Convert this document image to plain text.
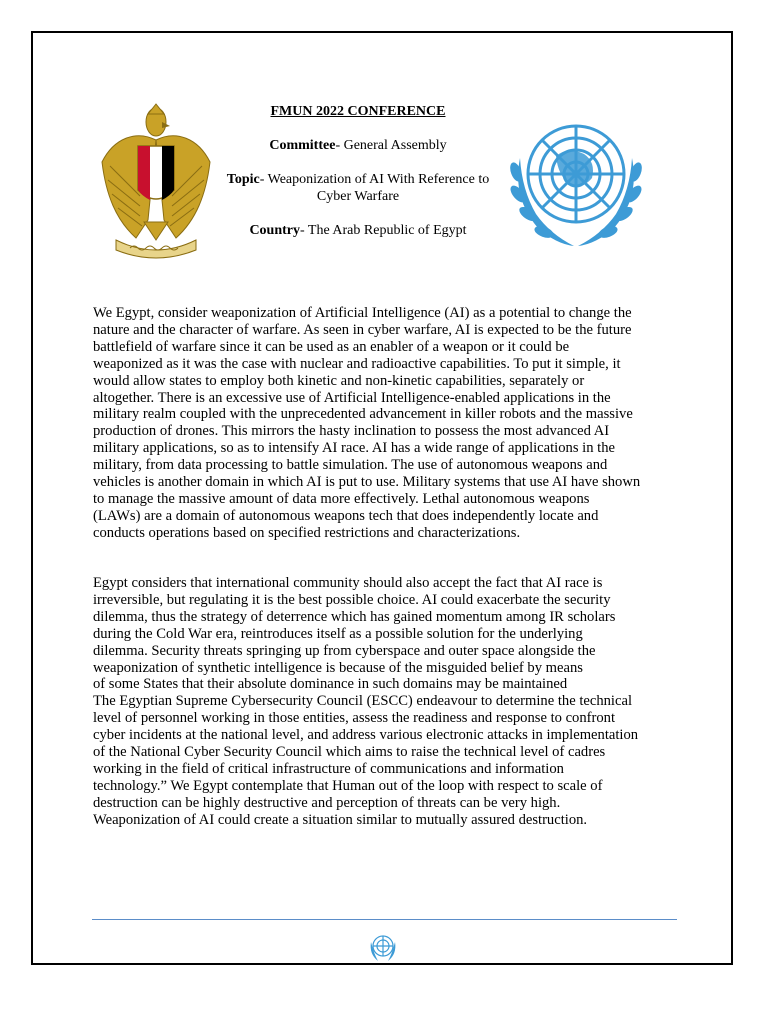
FMUN 2022 CONFERENCE
Committee- General Assembly
Topic- Weaponization of AI With Reference to Cyber Warfare
Country- The Arab Republic of Egypt

We Egypt, consider weaponization of Artificial Intelligence (AI) as a potential to change the
nature and the character of warfare. As seen in cyber warfare, AI is expected to be the future
battlefield of warfare since it can be used as an enabler of a weapon or it could be
weaponized as it was the case with nuclear and radioactive capabilities. To put it simple, it
would allow states to employ both kinetic and non-kinetic capabilities, separately or
altogether. There is an excessive use of Artificial Intelligence-enabled applications in the
military realm coupled with the unprecedented advancement in killer robots and the massive
production of drones. This mirrors the hasty inclination to possess the most advanced AI
military applications, so as to intensify AI race. AI has a wide range of applications in the
military, from data processing to battle simulation. The use of autonomous weapons and
vehicles is another domain in which AI is put to use. Military systems that use AI have shown
to manage the massive amount of data more effectively. Lethal autonomous weapons
(LAWs) are a domain of autonomous weapons tech that does independently locate and
conducts operations based on specified restrictions and characterizations.

Egypt considers that international community should also accept the fact that AI race is
irreversible, but regulating it is the best possible choice. AI could exacerbate the security
dilemma, thus the strategy of deterrence which has gained momentum among IR scholars
during the Cold War era, reintroduces itself as a possible solution for the underlying
dilemma. Security threats springing up from cyberspace and outer space alongside the
weaponization of synthetic intelligence is because of the misguided belief by means
of some States that their absolute dominance in such domains may be maintained
The Egyptian Supreme Cybersecurity Council (ESCC) endeavour to determine the technical
level of personnel working in those entities, assess the readiness and response to confront
cyber incidents at the national level, and address various electronic attacks in implementation
of the National Cyber Security Council which aims to raise the technical level of cadres
working in the field of critical infrastructure of communications and information
technology.” We Egypt contemplate that Human out of the loop with respect to scale of
destruction can be highly destructive and perception of threats can be very high.
Weaponization of AI could create a situation similar to mutually assured destruction.
